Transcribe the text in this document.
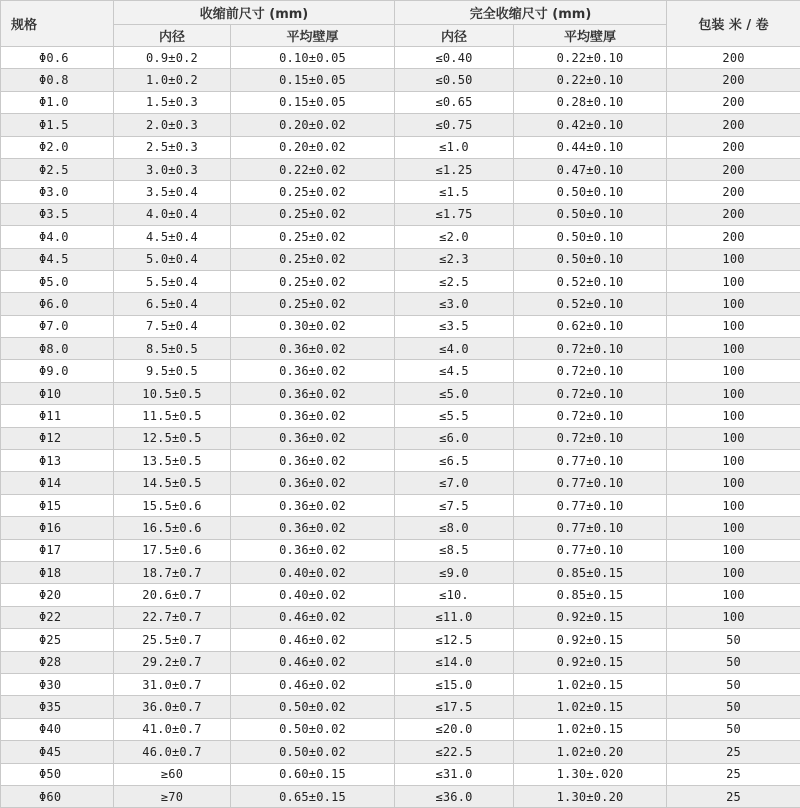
规格	收缩前尺寸 (mm)		完全收缩尺寸 (mm)		包装 米 / 卷
	内径	平均壁厚	内径	平均壁厚	
Φ0.6	0.9±0.2	0.10±0.05	≤0.40	0.22±0.10	200
Φ0.8	1.0±0.2	0.15±0.05	≤0.50	0.22±0.10	200
Φ1.0	1.5±0.3	0.15±0.05	≤0.65	0.28±0.10	200
Φ1.5	2.0±0.3	0.20±0.02	≤0.75	0.42±0.10	200
Φ2.0	2.5±0.3	0.20±0.02	≤1.0	0.44±0.10	200
Φ2.5	3.0±0.3	0.22±0.02	≤1.25	0.47±0.10	200
Φ3.0	3.5±0.4	0.25±0.02	≤1.5	0.50±0.10	200
Φ3.5	4.0±0.4	0.25±0.02	≤1.75	0.50±0.10	200
Φ4.0	4.5±0.4	0.25±0.02	≤2.0	0.50±0.10	200
Φ4.5	5.0±0.4	0.25±0.02	≤2.3	0.50±0.10	100
Φ5.0	5.5±0.4	0.25±0.02	≤2.5	0.52±0.10	100
Φ6.0	6.5±0.4	0.25±0.02	≤3.0	0.52±0.10	100
Φ7.0	7.5±0.4	0.30±0.02	≤3.5	0.62±0.10	100
Φ8.0	8.5±0.5	0.36±0.02	≤4.0	0.72±0.10	100
Φ9.0	9.5±0.5	0.36±0.02	≤4.5	0.72±0.10	100
Φ10	10.5±0.5	0.36±0.02	≤5.0	0.72±0.10	100
Φ11	11.5±0.5	0.36±0.02	≤5.5	0.72±0.10	100
Φ12	12.5±0.5	0.36±0.02	≤6.0	0.72±0.10	100
Φ13	13.5±0.5	0.36±0.02	≤6.5	0.77±0.10	100
Φ14	14.5±0.5	0.36±0.02	≤7.0	0.77±0.10	100
Φ15	15.5±0.6	0.36±0.02	≤7.5	0.77±0.10	100
Φ16	16.5±0.6	0.36±0.02	≤8.0	0.77±0.10	100
Φ17	17.5±0.6	0.36±0.02	≤8.5	0.77±0.10	100
Φ18	18.7±0.7	0.40±0.02	≤9.0	0.85±0.15	100
Φ20	20.6±0.7	0.40±0.02	≤10.	0.85±0.15	100
Φ22	22.7±0.7	0.46±0.02	≤11.0	0.92±0.15	100
Φ25	25.5±0.7	0.46±0.02	≤12.5	0.92±0.15	50
Φ28	29.2±0.7	0.46±0.02	≤14.0	0.92±0.15	50
Φ30	31.0±0.7	0.46±0.02	≤15.0	1.02±0.15	50
Φ35	36.0±0.7	0.50±0.02	≤17.5	1.02±0.15	50
Φ40	41.0±0.7	0.50±0.02	≤20.0	1.02±0.15	50
Φ45	46.0±0.7	0.50±0.02	≤22.5	1.02±0.20	25
Φ50	≥60	0.60±0.15	≤31.0	1.30±.020	25
Φ60	≥70	0.65±0.15	≤36.0	1.30±0.20	25
